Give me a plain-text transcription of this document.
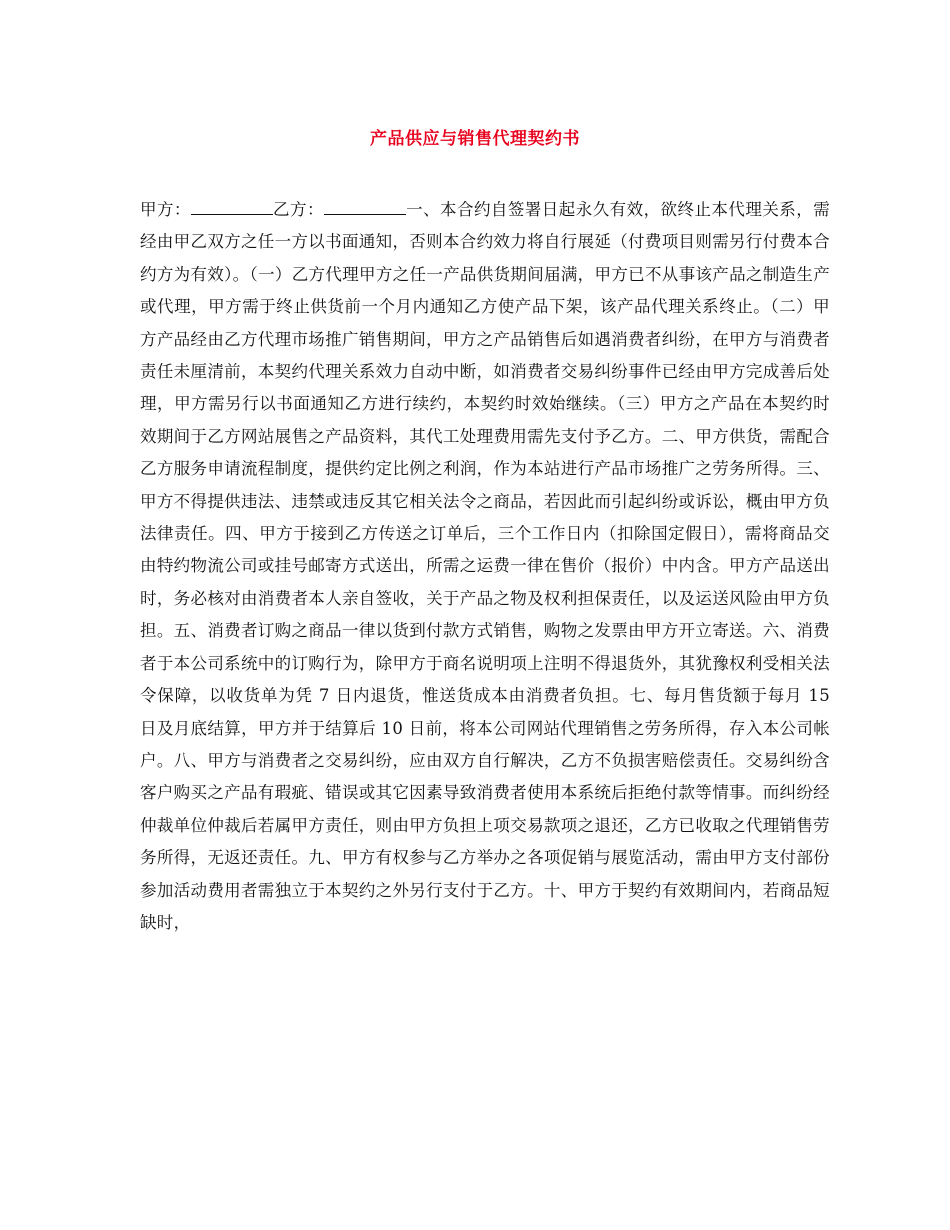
产品供应与销售代理契约书

甲方：	乙方：	一、本合约自签署日起永久有效，欲终止本代理关系，需经由甲乙双方之任一方以书面通知，否则本合约效力将自行展延（付费项目则需另行付费本合约方为有效）。（一）乙方代理甲方之任一产品供货期间届满，甲方已不从事该产品之制造生产或代理，甲方需于终止供货前一个月内通知乙方使产品下架，该产品代理关系终止。（二）甲方产品经由乙方代理市场推广销售期间，甲方之产品销售后如遇消费者纠纷，在甲方与消费者责任未厘清前，本契约代理关系效力自动中断，如消费者交易纠纷事件已经由甲方完成善后处理，甲方需另行以书面通知乙方进行续约，本契约时效始继续。（三）甲方之产品在本契约时效期间于乙方网站展售之产品资料，其代工处理费用需先支付予乙方。二、甲方供货，需配合乙方服务申请流程制度，提供约定比例之利润，作为本站进行产品市场推广之劳务所得。三、甲方不得提供违法、违禁或违反其它相关法令之商品，若因此而引起纠纷或诉讼，概由甲方负法律责任。四、甲方于接到乙方传送之订单后，三个工作日内（扣除国定假日），需将商品交由特约物流公司或挂号邮寄方式送出，所需之运费一律在售价（报价）中内含。甲方产品送出时，务必核对由消费者本人亲自签收，关于产品之物及权利担保责任，以及运送风险由甲方负担。五、消费者订购之商品一律以货到付款方式销售，购物之发票由甲方开立寄送。六、消费者于本公司系统中的订购行为，除甲方于商名说明项上注明不得退货外，其犹豫权利受相关法令保障，以收货单为凭 7 日内退货，惟送货成本由消费者负担。七、每月售货额于每月 15 日及月底结算，甲方并于结算后 10 日前，将本公司网站代理销售之劳务所得，存入本公司帐户。八、甲方与消费者之交易纠纷，应由双方自行解决，乙方不负损害赔偿责任。交易纠纷含客户购买之产品有瑕疵、错误或其它因素导致消费者使用本系统后拒绝付款等情事。而纠纷经仲裁单位仲裁后若属甲方责任，则由甲方负担上项交易款项之退还，乙方已收取之代理销售劳务所得，无返还责任。九、甲方有权参与乙方举办之各项促销与展览活动，需由甲方支付部份参加活动费用者需独立于本契约之外另行支付于乙方。十、甲方于契约有效期间内，若商品短缺时，
